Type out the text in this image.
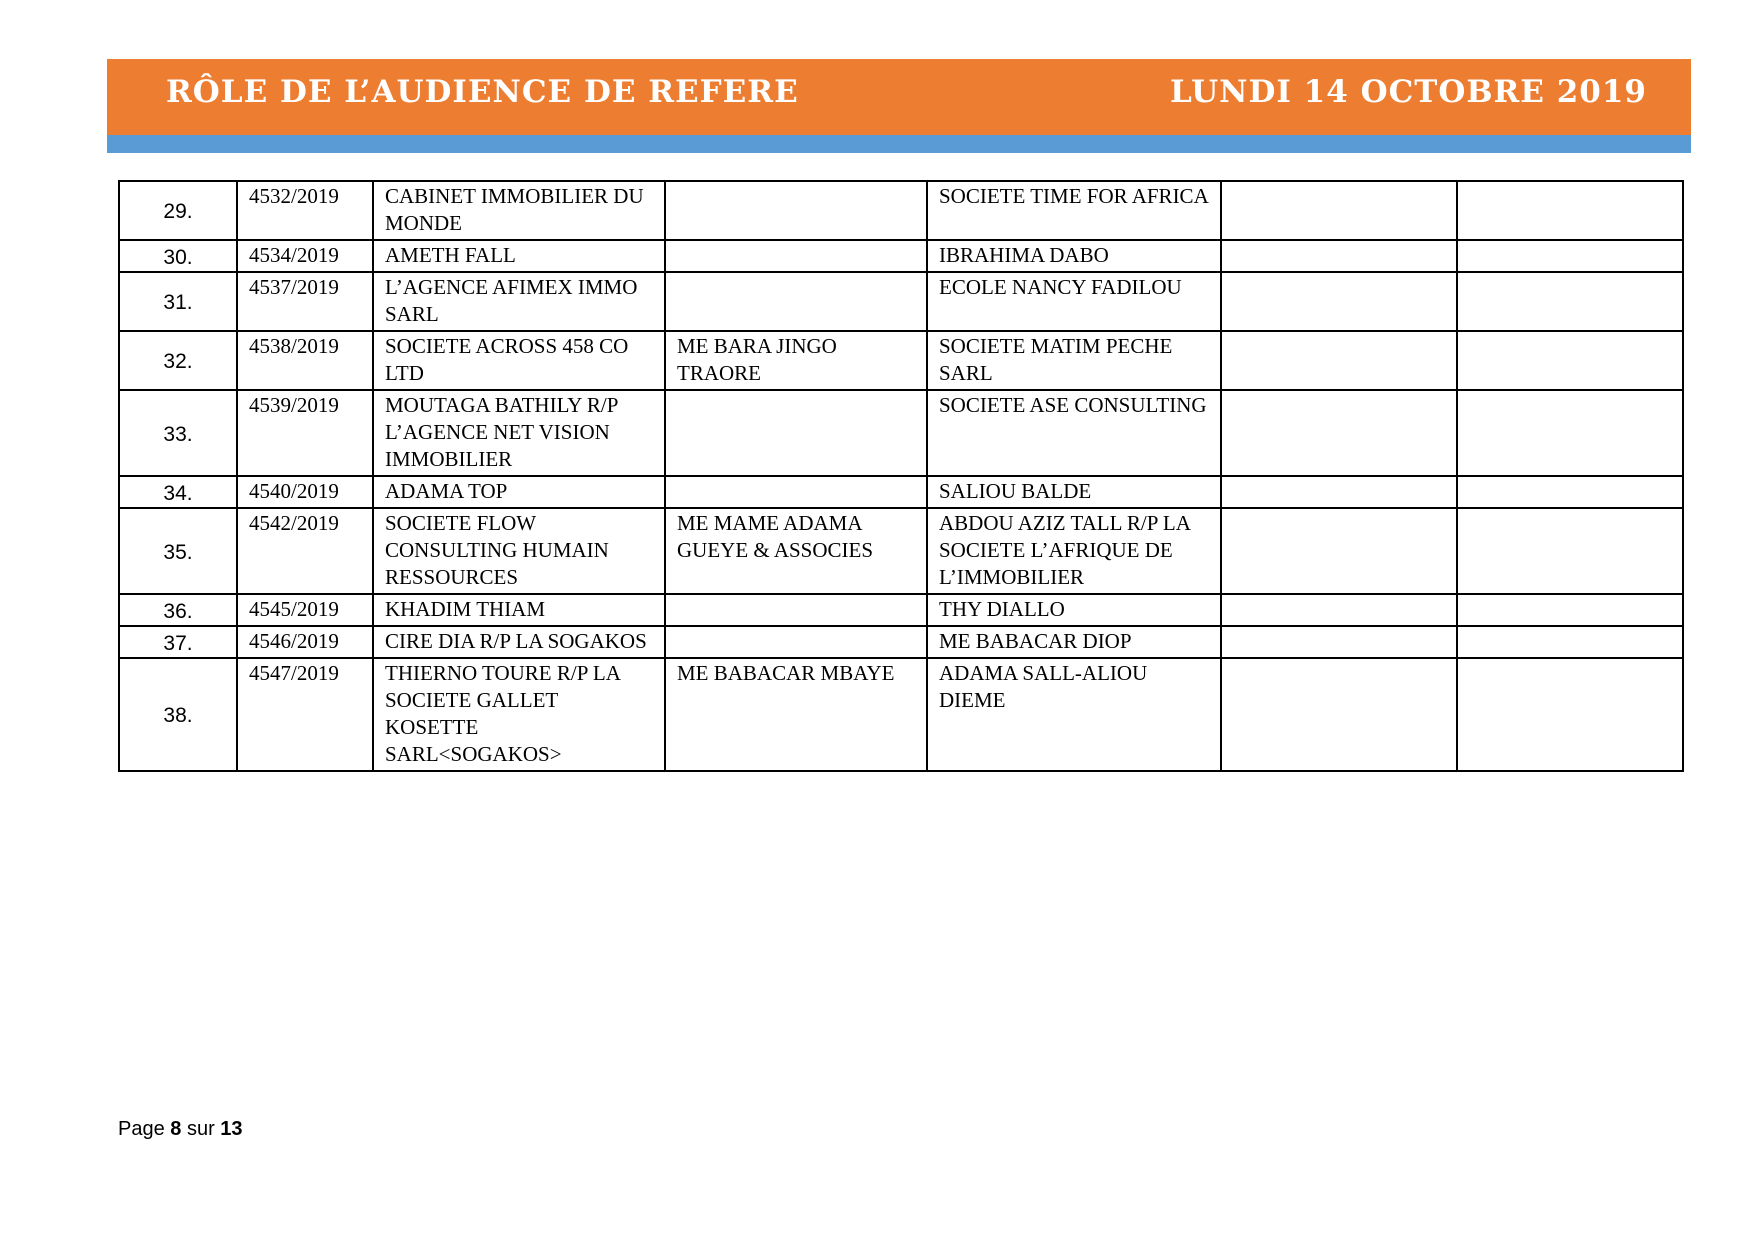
RÔLE DE L’AUDIENCE DE REFERE	LUNDI 14 OCTOBRE 2019
29.	4532/2019	CABINET IMMOBILIER DU MONDE		SOCIETE TIME FOR AFRICA		
30.	4534/2019	AMETH FALL		IBRAHIMA DABO		
31.	4537/2019	L’AGENCE AFIMEX IMMO SARL		ECOLE NANCY FADILOU		
32.	4538/2019	SOCIETE ACROSS 458 CO LTD	ME BARA JINGO TRAORE	SOCIETE MATIM PECHE SARL		
33.	4539/2019	MOUTAGA BATHILY R/P L’AGENCE NET VISION IMMOBILIER		SOCIETE ASE CONSULTING		
34.	4540/2019	ADAMA TOP		SALIOU BALDE		
35.	4542/2019	SOCIETE FLOW CONSULTING HUMAIN RESSOURCES	ME MAME ADAMA GUEYE & ASSOCIES	ABDOU AZIZ TALL R/P LA SOCIETE L’AFRIQUE DE L’IMMOBILIER		
36.	4545/2019	KHADIM THIAM		THY DIALLO		
37.	4546/2019	CIRE DIA R/P LA SOGAKOS		ME BABACAR DIOP		
38.	4547/2019	THIERNO TOURE R/P LA SOCIETE GALLET KOSETTE SARL<SOGAKOS>	ME BABACAR MBAYE	ADAMA SALL-ALIOU DIEME		
Page 8 sur 13
